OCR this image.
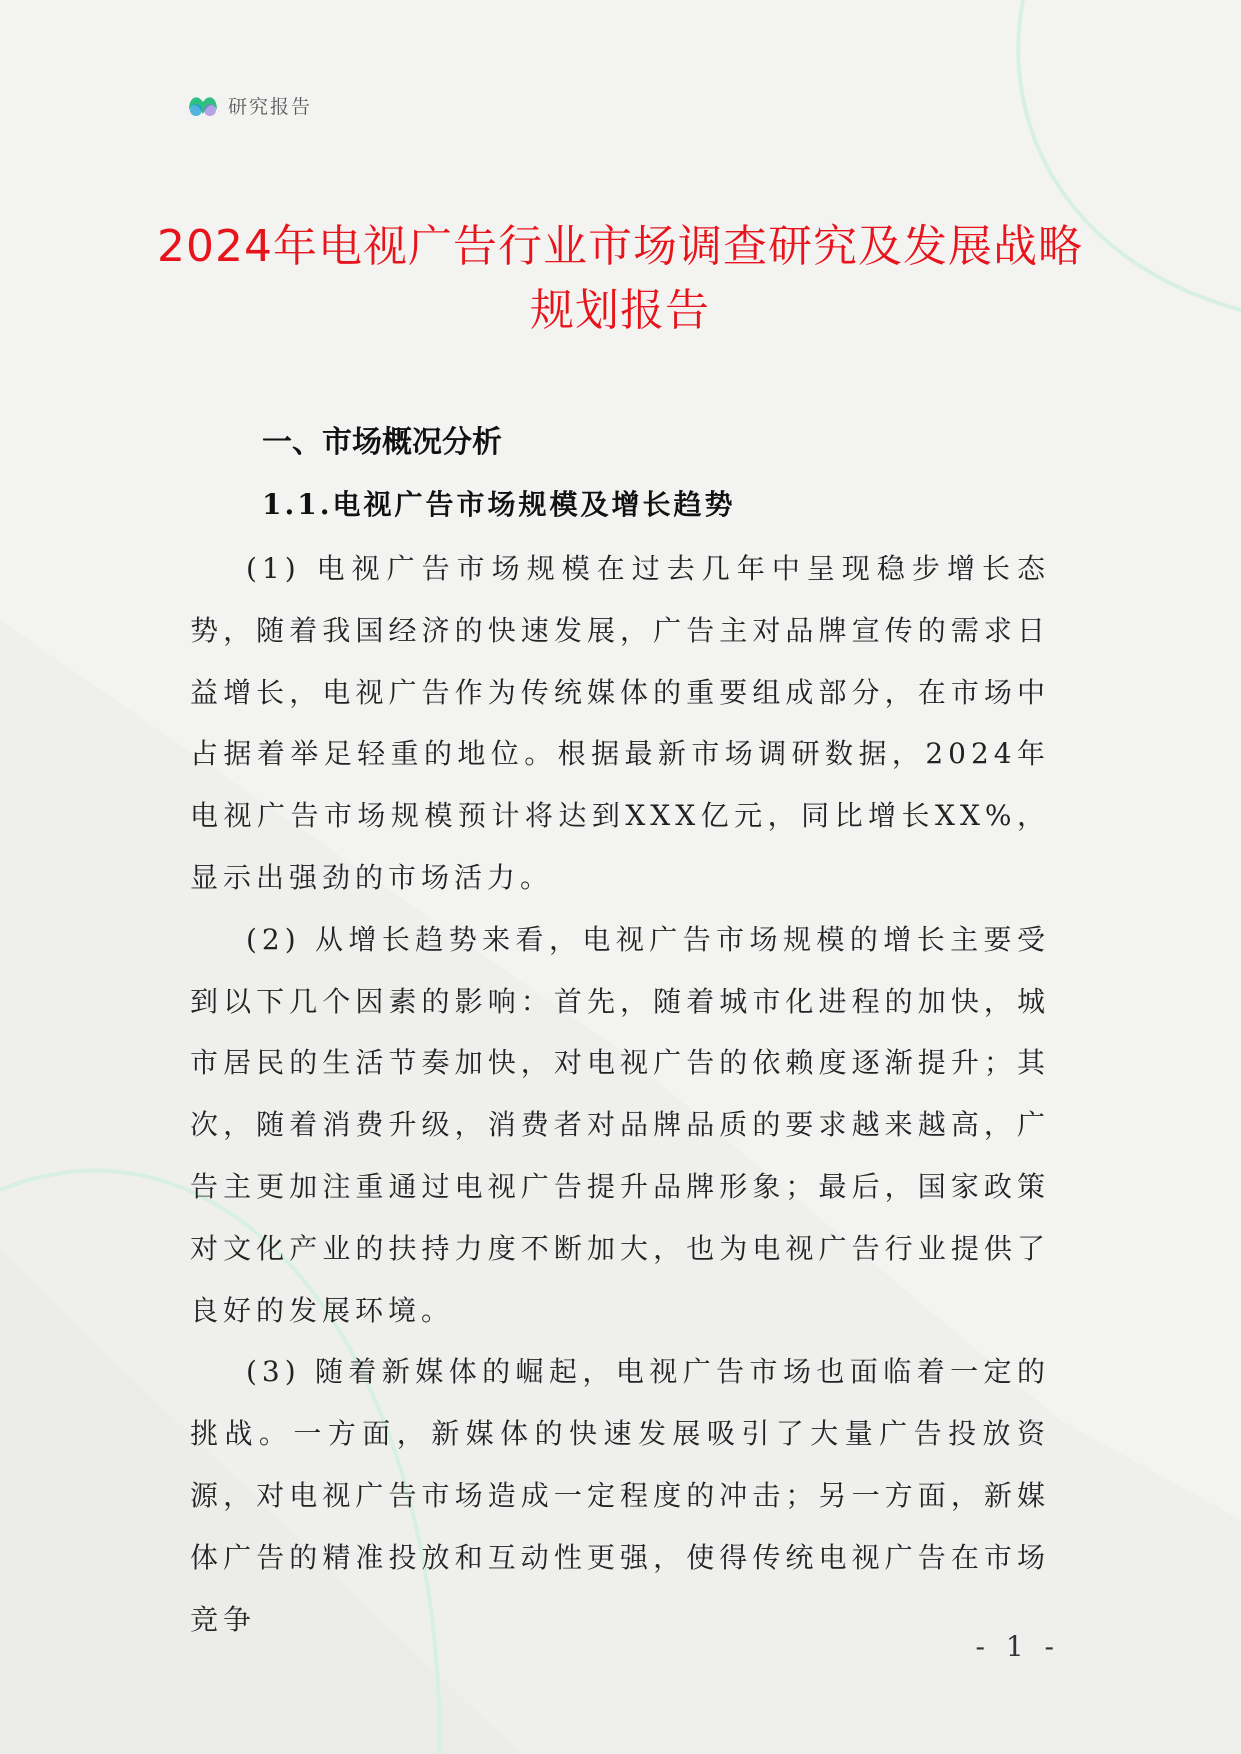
研究报告
2024年电视广告行业市场调查研究及发展战略规划报告
一、市场概况分析
1.1.电视广告市场规模及增长趋势

(1) 电视广告市场规模在过去几年中呈现稳步增长态势，随着我国经济的快速发展，广告主对品牌宣传的需求日益增长，电视广告作为传统媒体的重要组成部分，在市场中占据着举足轻重的地位。根据最新市场调研数据，2024年电视广告市场规模预计将达到XXX亿元，同比增长XX%，显示出强劲的市场活力。

(2) 从增长趋势来看，电视广告市场规模的增长主要受到以下几个因素的影响：首先，随着城市化进程的加快，城市居民的生活节奏加快，对电视广告的依赖度逐渐提升；其次，随着消费升级，消费者对品牌品质的要求越来越高，广告主更加注重通过电视广告提升品牌形象；最后，国家政策对文化产业的扶持力度不断加大，也为电视广告行业提供了良好的发展环境。

(3) 随着新媒体的崛起，电视广告市场也面临着一定的挑战。一方面，新媒体的快速发展吸引了大量广告投放资源，对电视广告市场造成一定程度的冲击；另一方面，新媒体广告的精准投放和互动性更强，使得传统电视广告在市场竞争

- 1 -
